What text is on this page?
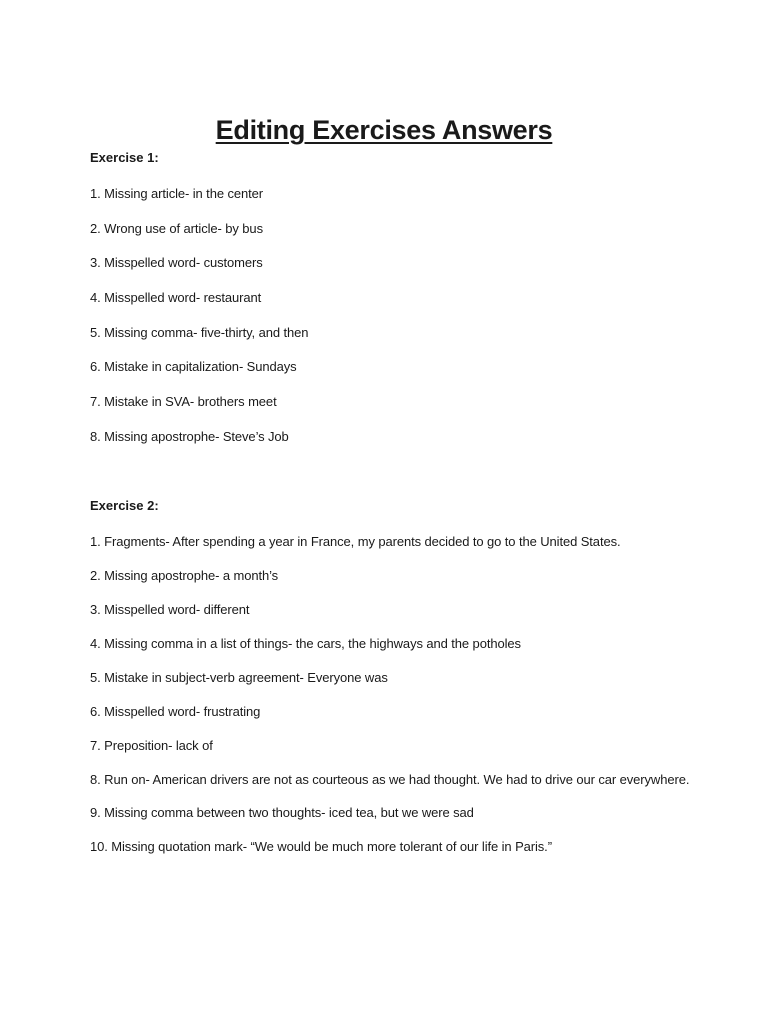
Editing Exercises Answers

Exercise 1:

1. Missing article- in the center
2. Wrong use of article- by bus
3. Misspelled word- customers
4. Misspelled word- restaurant
5. Missing comma- five-thirty, and then
6. Mistake in capitalization- Sundays
7. Mistake in SVA- brothers meet
8. Missing apostrophe- Steve’s Job

Exercise 2:

1. Fragments- After spending a year in France, my parents decided to go to the United States.
2. Missing apostrophe- a month’s
3. Misspelled word- different
4. Missing comma in a list of things- the cars, the highways and the potholes
5. Mistake in subject-verb agreement- Everyone was
6. Misspelled word- frustrating
7. Preposition- lack of
8. Run on- American drivers are not as courteous as we had thought. We had to drive our car everywhere.
9. Missing comma between two thoughts- iced tea, but we were sad
10. Missing quotation mark- “We would be much more tolerant of our life in Paris.”
